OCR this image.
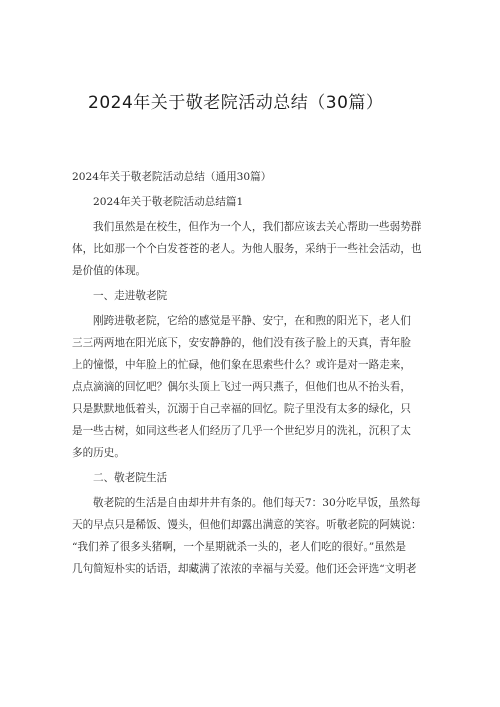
2024年关于敬老院活动总结（30篇）
2024年关于敬老院活动总结（通用30篇）
2024年关于敬老院活动总结篇1
我们虽然是在校生，但作为一个人，我们都应该去关心帮助一些弱势群
体，比如那一个个白发苍苍的老人。为他人服务，采纳于一些社会活动，也
是价值的体现。
一、走进敬老院
刚跨进敬老院，它给的感觉是平静、安宁，在和煦的阳光下，老人们
三三两两地在阳光底下，安安静静的，他们没有孩子脸上的天真，青年脸
上的憧憬，中年脸上的忙碌，他们象在思索些什么？或许是对一路走来，
点点滴滴的回忆吧？偶尔头顶上飞过一两只燕子，但他们也从不抬头看，
只是默默地低着头，沉溺于自己幸福的回忆。院子里没有太多的绿化，只
是一些古树，如同这些老人们经历了几乎一个世纪岁月的洗礼，沉积了太
多的历史。
二、敬老院生活
敬老院的生活是自由却井井有条的。他们每天7：30分吃早饭，虽然每
天的早点只是稀饭、馒头，但他们却露出满意的笑容。听敬老院的阿姨说：
“我们养了很多头猪啊，一个星期就杀一头的，老人们吃的很好。”虽然是
几句简短朴实的话语，却藏满了浓浓的幸福与关爱。他们还会评选“文明老
